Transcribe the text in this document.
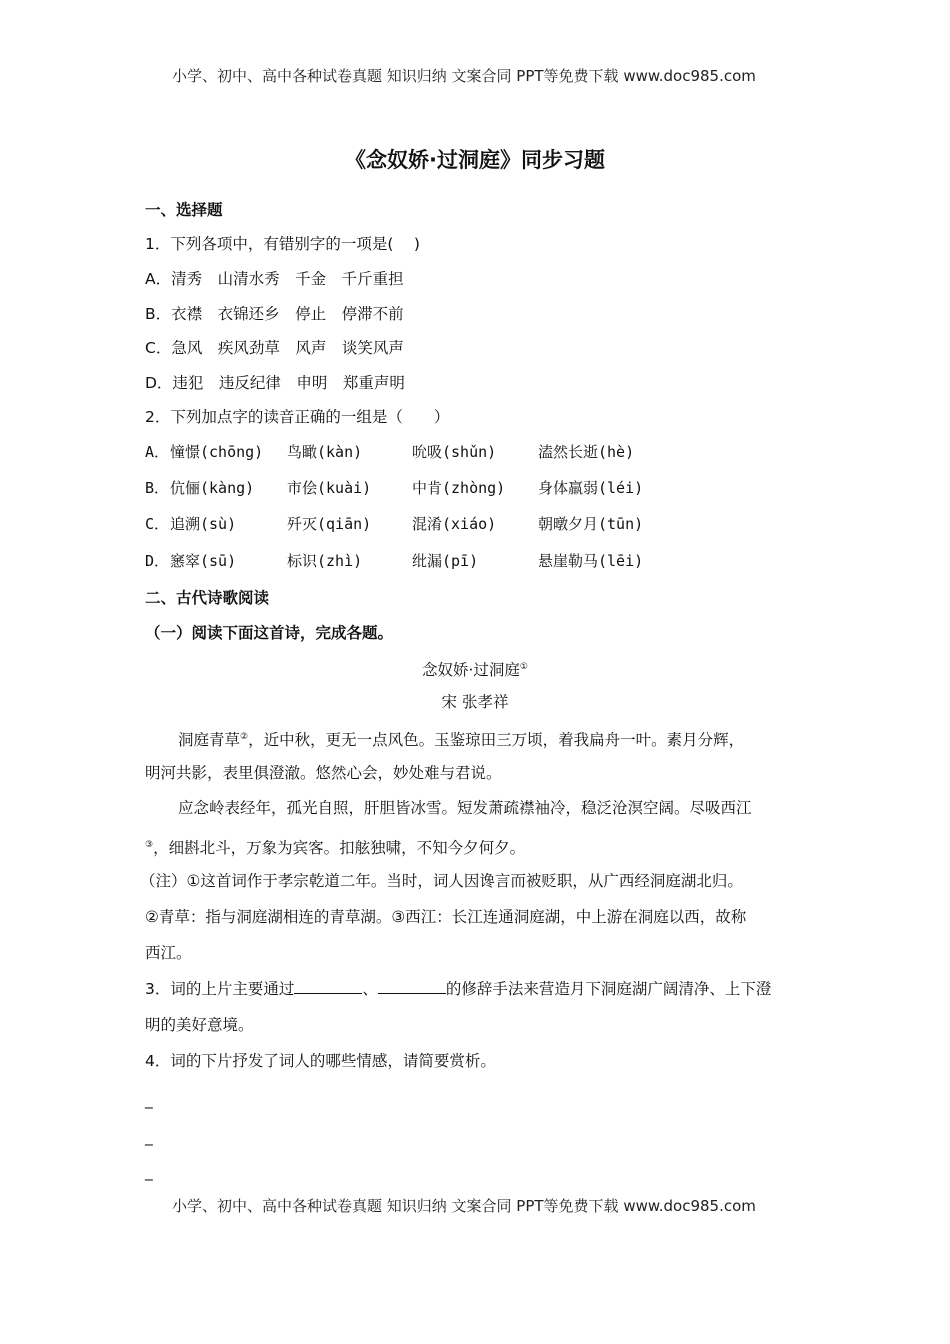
小学、初中、高中各种试卷真题 知识归纳 文案合同 PPT等免费下载 www.doc985.com
《念奴娇·过洞庭》同步习题
一、选择题
1．下列各项中，有错别字的一项是(　 )
A．清秀　山清水秀　千金　千斤重担
B．衣襟　衣锦还乡　停止　停滞不前
C．急风　疾风劲草　风声　谈笑风声
D．违犯　违反纪律　申明　郑重声明
2．下列加点字的读音正确的一组是（　　）
A． 憧憬(chōng) 鸟瞰(kàn)	吮吸(shǔn)	溘然长逝(hè)
B． 伉俪(kàng) 市侩(kuài)	中肯(zhòng) 身体羸弱(léi)
C． 追溯(sù)	歼灭(qiān)	混淆(xiáo)	朝暾夕月(tūn)
D． 窸窣(sū)	标识(zhì)	纰漏(pī)	悬崖勒马(lēi)
二、古代诗歌阅读
（一）阅读下面这首诗，完成各题。
念奴娇·过洞庭①
宋 张孝祥
洞庭青草②，近中秋，更无一点风色。玉鉴琼田三万顷，着我扁舟一叶。素月分辉，
明河共影，表里俱澄澈。悠然心会，妙处难与君说。
应念岭表经年，孤光自照，肝胆皆冰雪。短发萧疏襟袖冷，稳泛沧溟空阔。尽吸西江
③，细斟北斗，万象为宾客。扣舷独啸，不知今夕何夕。
（注）①这首词作于孝宗乾道二年。当时，词人因谗言而被贬职，从广西经洞庭湖北归。
②青草：指与洞庭湖相连的青草湖。③西江：长江连通洞庭湖，中上游在洞庭以西，故称
西江。
3．词的上片主要通过	、	的修辞手法来营造月下洞庭湖广阔清净、上下澄
明的美好意境。
4．词的下片抒发了词人的哪些情感，请简要赏析。
_
_
_
小学、初中、高中各种试卷真题 知识归纳 文案合同 PPT等免费下载 www.doc985.com
